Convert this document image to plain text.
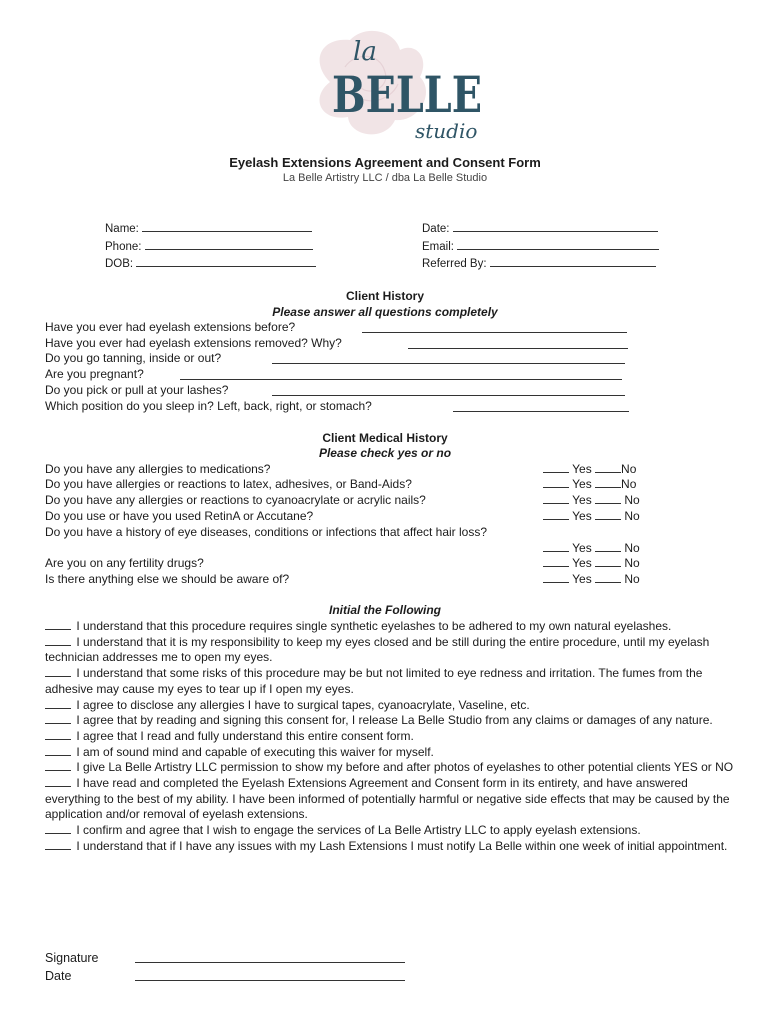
la
BELLE
studio
Eyelash Extensions Agreement and Consent Form
La Belle Artistry LLC / dba La Belle Studio
Name:
Phone:
DOB:
Date:
Email:
Referred By:
Client History
Please answer all questions completely
Have you ever had eyelash extensions before?
Have you ever had eyelash extensions removed? Why?
Do you go tanning, inside or out?
Are you pregnant?
Do you pick or pull at your lashes?
Which position do you sleep in? Left, back, right, or stomach?
Client Medical History
Please check yes or no
Do you have any allergies to medications?	Yes No
Do you have allergies or reactions to latex, adhesives, or Band-Aids?	Yes No
Do you have any allergies or reactions to cyanoacrylate or acrylic nails?	Yes	No
Do you use or have you used RetinA or Accutane?	Yes	No
Do you have a history of eye diseases, conditions or infections that affect hair loss?
Yes	No
Are you on any fertility drugs?	Yes	No
Is there anything else we should be aware of?	Yes	No
Initial the Following

I understand that this procedure requires single synthetic eyelashes to be adhered to my own natural eyelashes.

I understand that it is my responsibility to keep my eyes closed and be still during the entire procedure, until my eyelash technician addresses me to open my eyes.

I understand that some risks of this procedure may be but not limited to eye redness and irritation. The fumes from the adhesive may cause my eyes to tear up if I open my eyes.

I agree to disclose any allergies I have to surgical tapes, cyanoacrylate, Vaseline, etc.

I agree that by reading and signing this consent for, I release La Belle Studio from any claims or damages of any nature.

I agree that I read and fully understand this entire consent form.

I am of sound mind and capable of executing this waiver for myself.

I give La Belle Artistry LLC permission to show my before and after photos of eyelashes to other potential clients YES or NO

I have read and completed the Eyelash Extensions Agreement and Consent form in its entirety, and have answered everything to the best of my ability. I have been informed of potentially harmful or negative side effects that may be caused by the application and/or removal of eyelash extensions.

I confirm and agree that I wish to engage the services of La Belle Artistry LLC to apply eyelash extensions.

I understand that if I have any issues with my Lash Extensions I must notify La Belle within one week of initial appointment.

Signature
Date
